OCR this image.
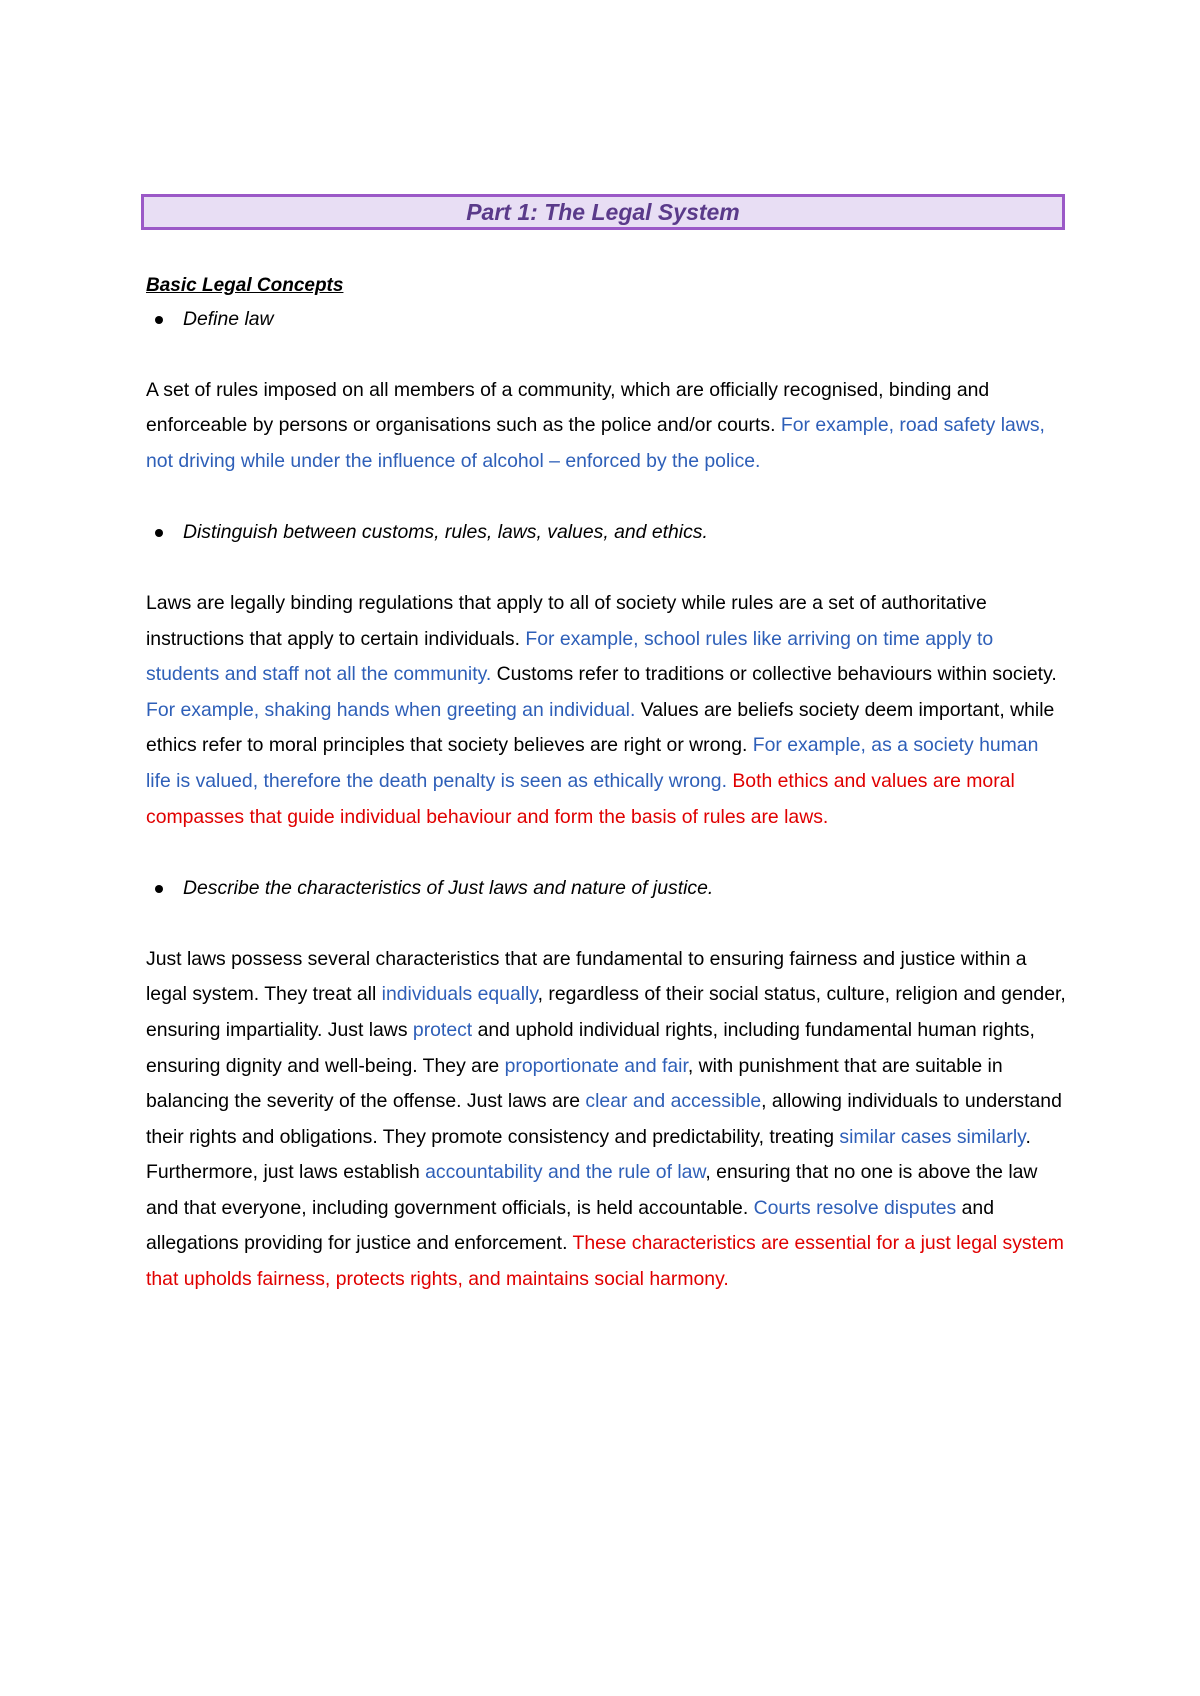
Part 1: The Legal System
Basic Legal Concepts
Define law

A set of rules imposed on all members of a community, which are officially recognised, binding and enforceable by persons or organisations such as the police and/or courts. For example, road safety laws, not driving while under the influence of alcohol – enforced by the police.

Distinguish between customs, rules, laws, values, and ethics.

Laws are legally binding regulations that apply to all of society while rules are a set of authoritative instructions that apply to certain individuals. For example, school rules like arriving on time apply to students and staff not all the community. Customs refer to traditions or collective behaviours within society. For example, shaking hands when greeting an individual. Values are beliefs society deem important, while ethics refer to moral principles that society believes are right or wrong. For example, as a society human life is valued, therefore the death penalty is seen as ethically wrong. Both ethics and values are moral compasses that guide individual behaviour and form the basis of rules are laws.

Describe the characteristics of Just laws and nature of justice.

Just laws possess several characteristics that are fundamental to ensuring fairness and justice within a legal system. They treat all individuals equally, regardless of their social status, culture, religion and gender, ensuring impartiality. Just laws protect and uphold individual rights, including fundamental human rights, ensuring dignity and well-being. They are proportionate and fair, with punishment that are suitable in balancing the severity of the offense. Just laws are clear and accessible, allowing individuals to understand their rights and obligations. They promote consistency and predictability, treating similar cases similarly. Furthermore, just laws establish accountability and the rule of law, ensuring that no one is above the law and that everyone, including government officials, is held accountable. Courts resolve disputes and allegations providing for justice and enforcement. These characteristics are essential for a just legal system that upholds fairness, protects rights, and maintains social harmony.
